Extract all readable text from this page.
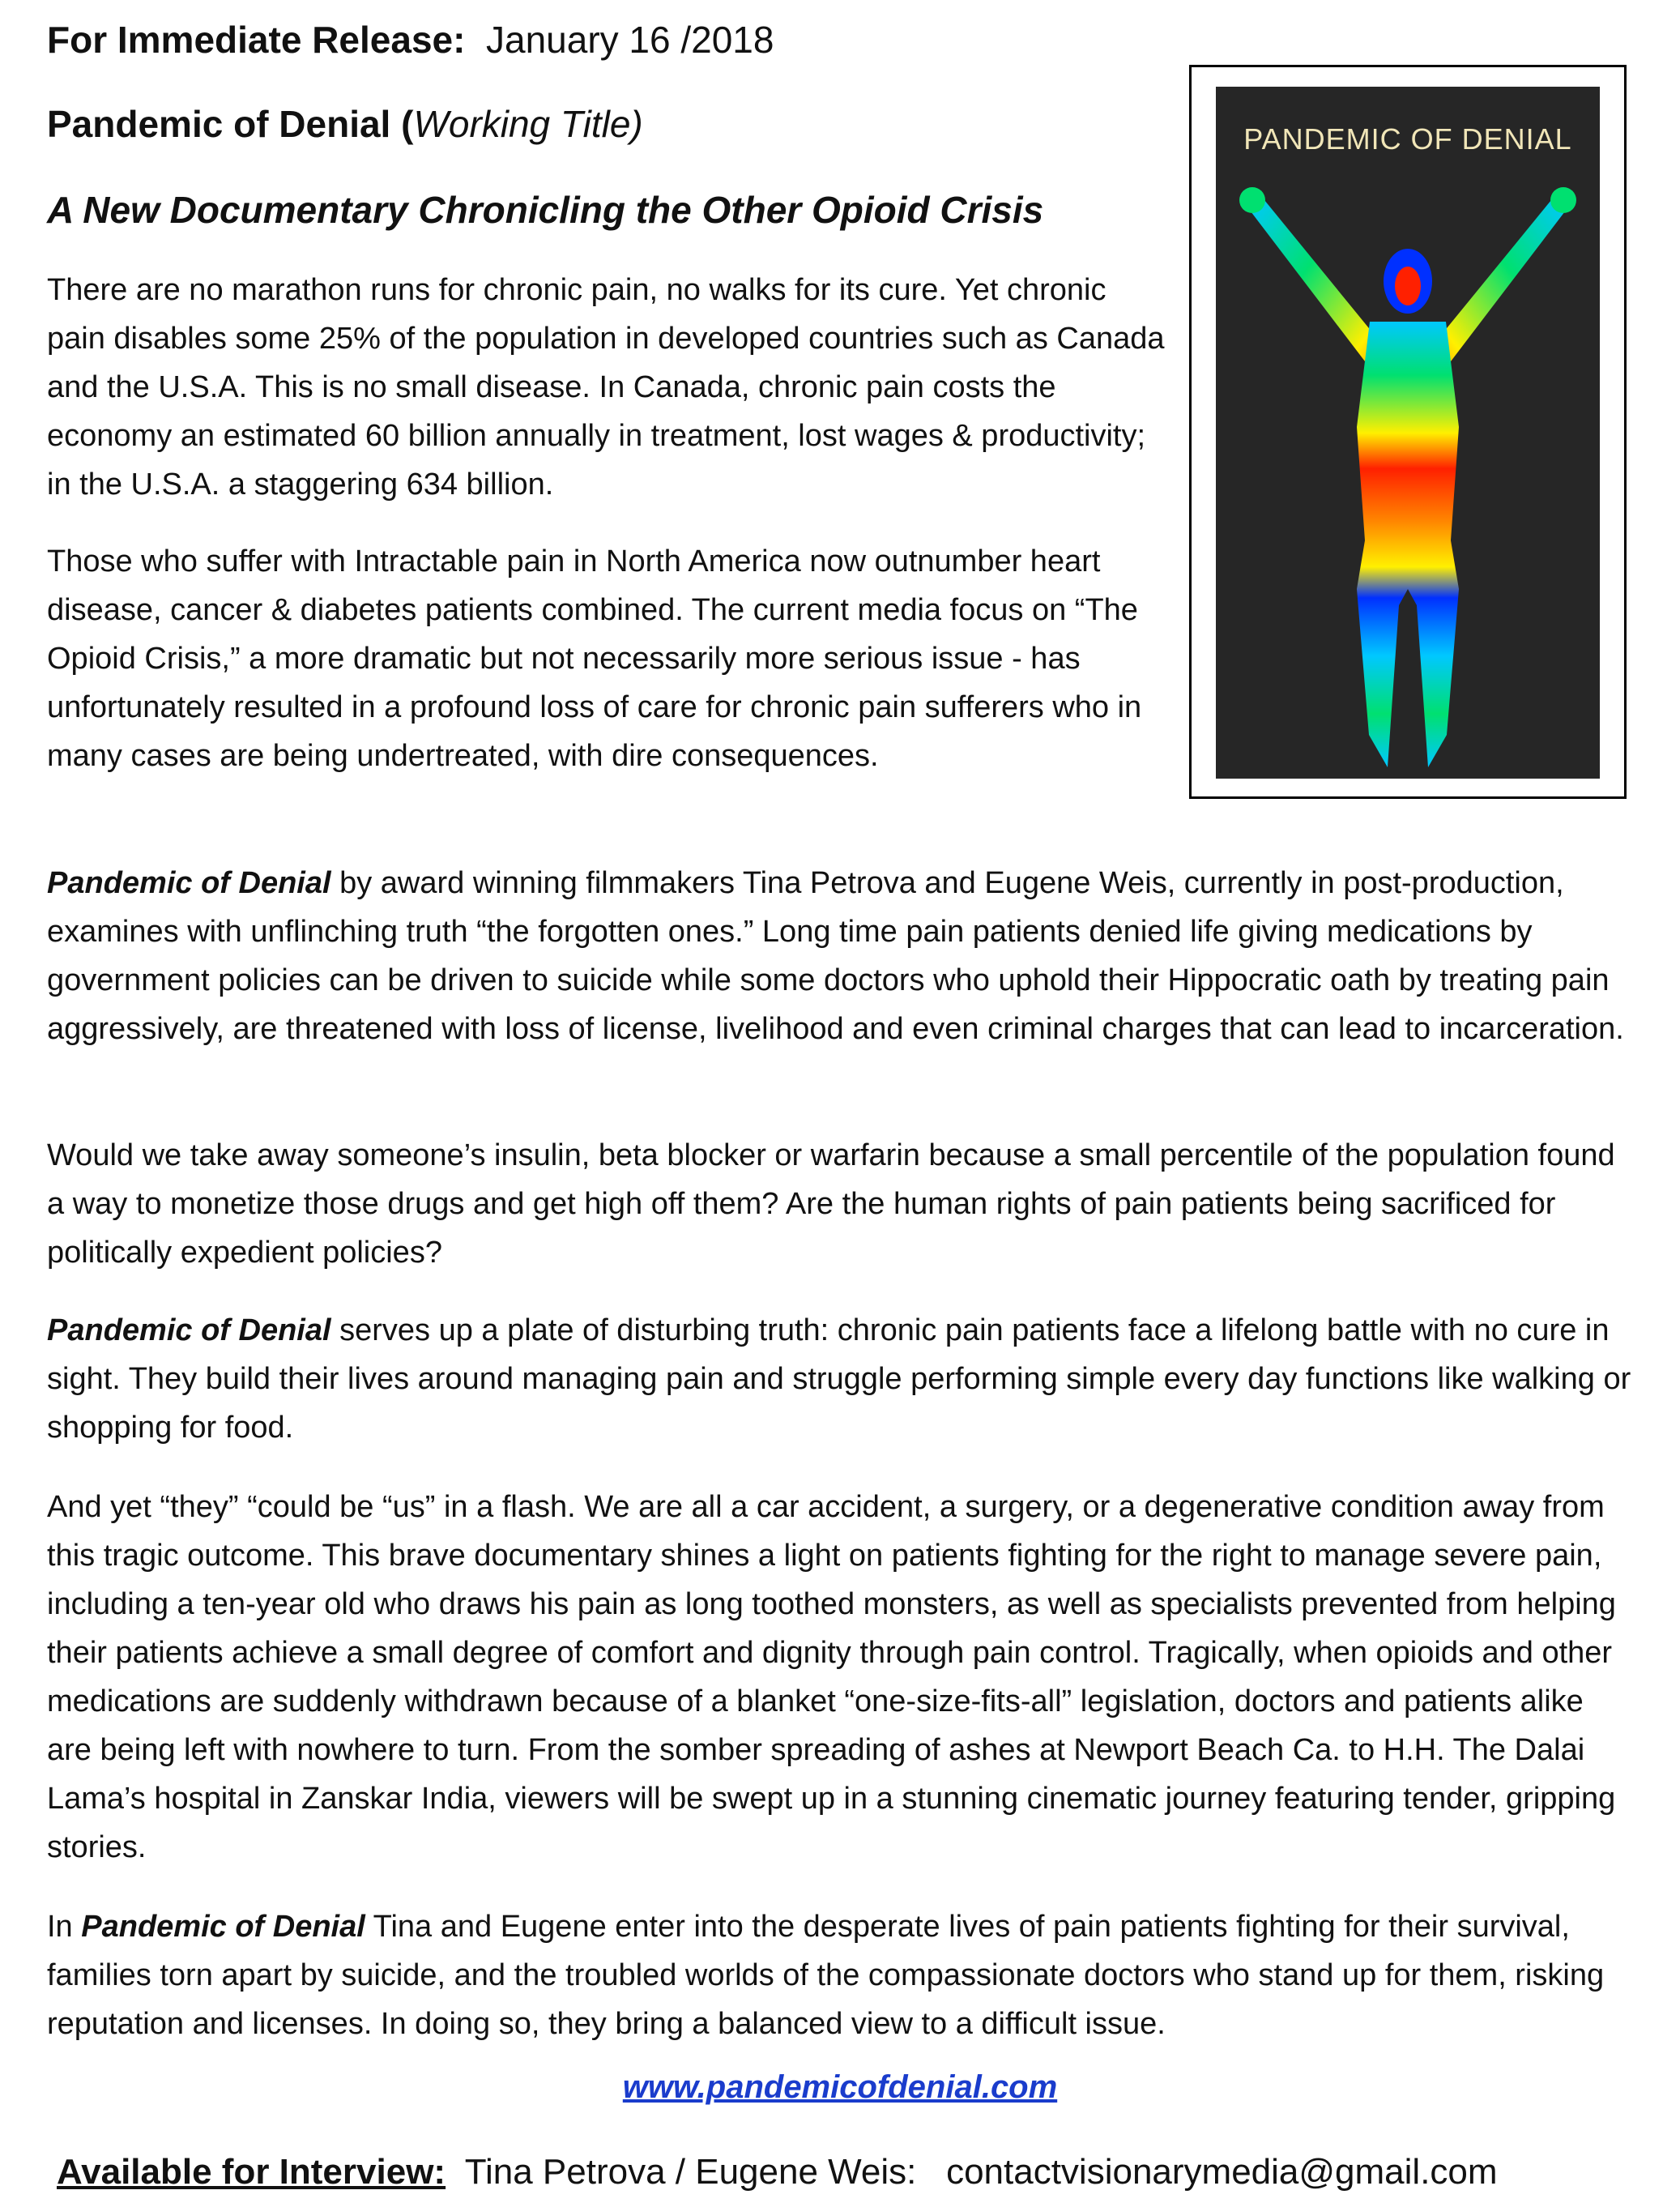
For Immediate Release: January 16 /2018
Pandemic of Denial (Working Title)
A New Documentary Chronicling the Other Opioid Crisis

There are no marathon runs for chronic pain, no walks for its cure. Yet chronic pain disables some 25% of the population in developed countries such as Canada and the U.S.A. This is no small disease. In Canada, chronic pain costs the economy an estimated 60 billion annually in treatment, lost wages & productivity; in the U.S.A. a staggering 634 billion.

Those who suffer with Intractable pain in North America now outnumber heart disease, cancer & diabetes patients combined. The current media focus on “The Opioid Crisis,” a more dramatic but not necessarily more serious issue - has unfortunately resulted in a profound loss of care for chronic pain sufferers who in many cases are being undertreated, with dire consequences.

Pandemic of Denial by award winning filmmakers Tina Petrova and Eugene Weis, currently in post-production, examines with unflinching truth “the forgotten ones.” Long time pain patients denied life giving medications by government policies can be driven to suicide while some doctors who uphold their Hippocratic oath by treating pain aggressively, are threatened with loss of license, livelihood and even criminal charges that can lead to incarceration.

Would we take away someone’s insulin, beta blocker or warfarin because a small percentile of the population found a way to monetize those drugs and get high off them? Are the human rights of pain patients being sacrificed for politically expedient policies?

Pandemic of Denial serves up a plate of disturbing truth: chronic pain patients face a lifelong battle with no cure in sight. They build their lives around managing pain and struggle performing simple every day functions like walking or shopping for food.

And yet “they” “could be “us” in a flash. We are all a car accident, a surgery, or a degenerative condition away from this tragic outcome. This brave documentary shines a light on patients fighting for the right to manage severe pain, including a ten-year old who draws his pain as long toothed monsters, as well as specialists prevented from helping their patients achieve a small degree of comfort and dignity through pain control. Tragically, when opioids and other medications are suddenly withdrawn because of a blanket “one-size-fits-all” legislation, doctors and patients alike are being left with nowhere to turn. From the somber spreading of ashes at Newport Beach Ca. to H.H. The Dalai Lama’s hospital in Zanskar India, viewers will be swept up in a stunning cinematic journey featuring tender, gripping stories.

In Pandemic of Denial Tina and Eugene enter into the desperate lives of pain patients fighting for their survival, families torn apart by suicide, and the troubled worlds of the compassionate doctors who stand up for them, risking reputation and licenses. In doing so, they bring a balanced view to a difficult issue.

PANDEMIC OF DENIAL
www.pandemicofdenial.com
Available for Interview: Tina Petrova / Eugene Weis: contactvisionarymedia@gmail.com
